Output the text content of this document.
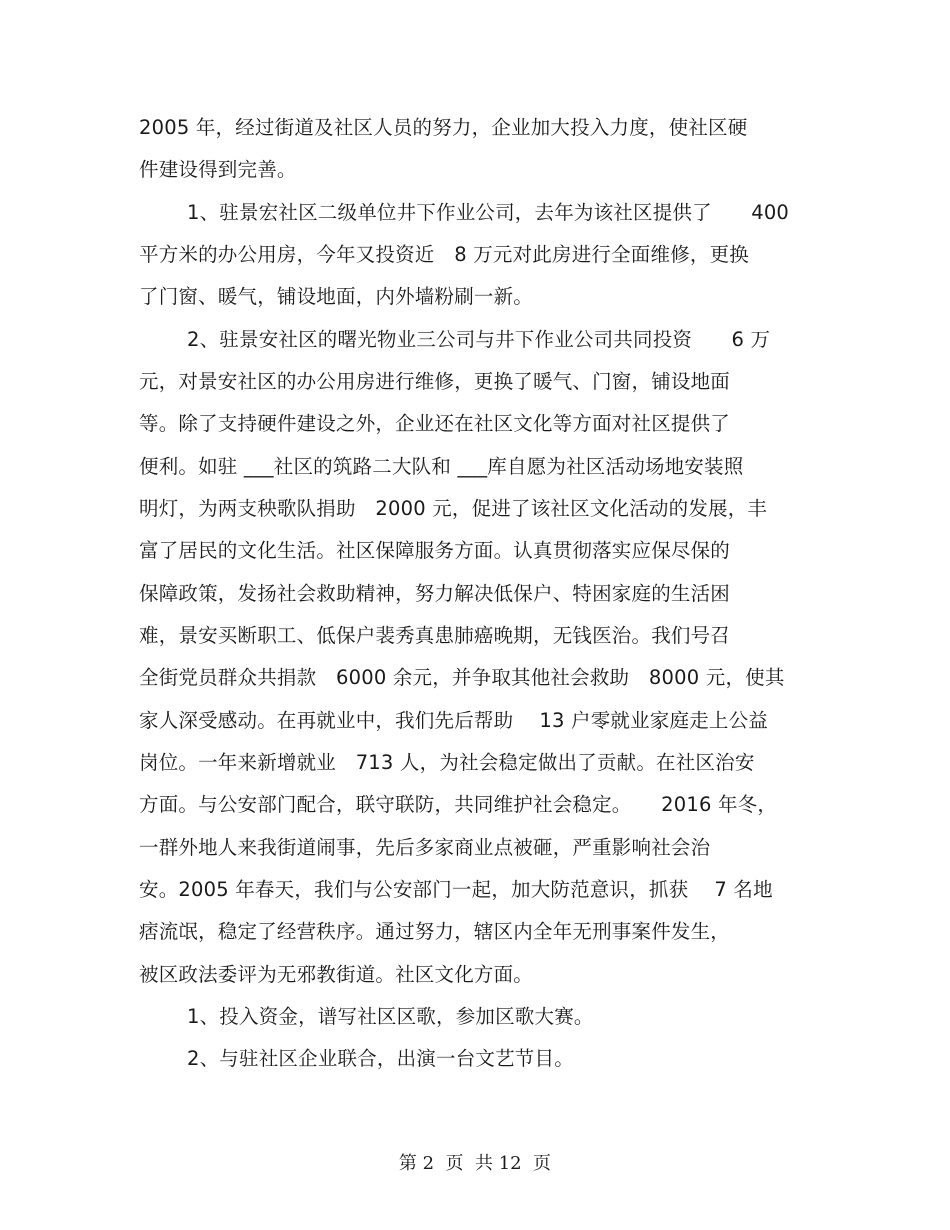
2005 年，经过街道及社区人员的努力，企业加大投入力度，使社区硬
件建设得到完善。
1、驻景宏社区二级单位井下作业公司，去年为该社区提供了　　400
平方米的办公用房，今年又投资近　8 万元对此房进行全面维修，更换
了门窗、暖气，铺设地面，内外墙粉刷一新。
2、驻景安社区的曙光物业三公司与井下作业公司共同投资　　6 万
元，对景安社区的办公用房进行维修，更换了暖气、门窗，铺设地面
等。除了支持硬件建设之外，企业还在社区文化等方面对社区提供了
便利。如驻 ___社区的筑路二大队和 ___库自愿为社区活动场地安装照
明灯，为两支秧歌队捐助　2000 元，促进了该社区文化活动的发展，丰
富了居民的文化生活。社区保障服务方面。认真贯彻落实应保尽保的
保障政策，发扬社会救助精神，努力解决低保户、特困家庭的生活困
难，景安买断职工、低保户裴秀真患肺癌晚期，无钱医治。我们号召
全街党员群众共捐款　6000 余元，并争取其他社会救助　8000 元，使其
家人深受感动。在再就业中，我们先后帮助　 13 户零就业家庭走上公益
岗位。一年来新增就业　713 人，为社会稳定做出了贡献。在社区治安
方面。与公安部门配合，联守联防，共同维护社会稳定。　　2016 年冬，
一群外地人来我街道闹事，先后多家商业点被砸，严重影响社会治
安。2005 年春天，我们与公安部门一起，加大防范意识，抓获　 7 名地
痞流氓，稳定了经营秩序。通过努力，辖区内全年无刑事案件发生，
被区政法委评为无邪教街道。社区文化方面。
1、投入资金，谱写社区区歌，参加区歌大赛。
2、与驻社区企业联合，出演一台文艺节目。
第 2  页  共 12  页
